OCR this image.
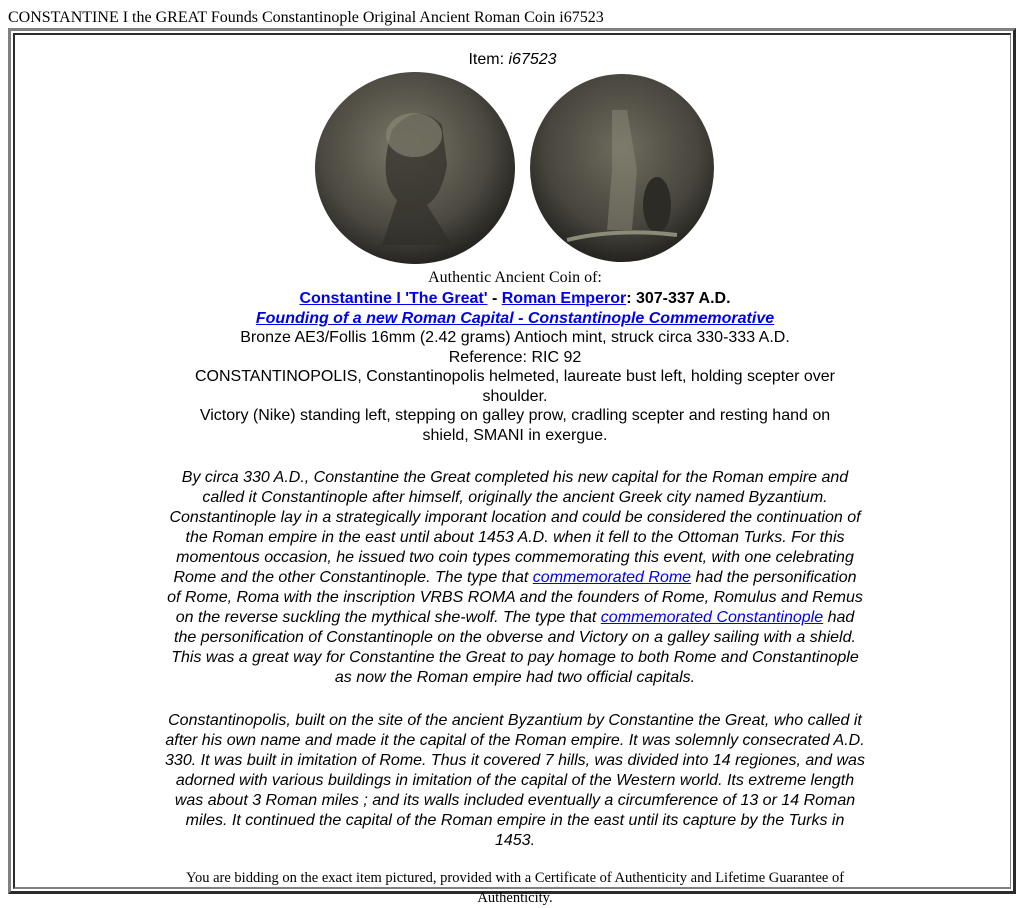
CONSTANTINE I the GREAT Founds Constantinople Original Ancient Roman Coin i67523
Item: i67523
Authentic Ancient Coin of:
Constantine I 'The Great' - Roman Emperor: 307-337 A.D.
Founding of a new Roman Capital - Constantinople Commemorative
Bronze AE3/Follis 16mm (2.42 grams) Antioch mint, struck circa 330-333 A.D.
Reference: RIC 92
CONSTANTINOPOLIS, Constantinopolis helmeted, laureate bust left, holding scepter over shoulder.
Victory (Nike) standing left, stepping on galley prow, cradling scepter and resting hand on shield, SMANI in exergue.

By circa 330 A.D., Constantine the Great completed his new capital for the Roman empire and called it Constantinople after himself, originally the ancient Greek city named Byzantium. Constantinople lay in a strategically imporant location and could be considered the continuation of the Roman empire in the east until about 1453 A.D. when it fell to the Ottoman Turks. For this momentous occasion, he issued two coin types commemorating this event, with one celebrating Rome and the other Constantinople. The type that commemorated Rome had the personification of Rome, Roma with the inscription VRBS ROMA and the founders of Rome, Romulus and Remus on the reverse suckling the mythical she-wolf. The type that commemorated Constantinople had the personification of Constantinople on the obverse and Victory on a galley sailing with a shield. This was a great way for Constantine the Great to pay homage to both Rome and Constantinople as now the Roman empire had two official capitals.

Constantinopolis, built on the site of the ancient Byzantium by Constantine the Great, who called it after his own name and made it the capital of the Roman empire. It was solemnly consecrated A.D. 330. It was built in imitation of Rome. Thus it covered 7 hills, was divided into 14 regiones, and was adorned with various buildings in imitation of the capital of the Western world. Its extreme length was about 3 Roman miles ; and its walls included eventually a circumference of 13 or 14 Roman miles. It continued the capital of the Roman empire in the east until its capture by the Turks in 1453.

You are bidding on the exact item pictured, provided with a Certificate of Authenticity and Lifetime Guarantee of Authenticity.
